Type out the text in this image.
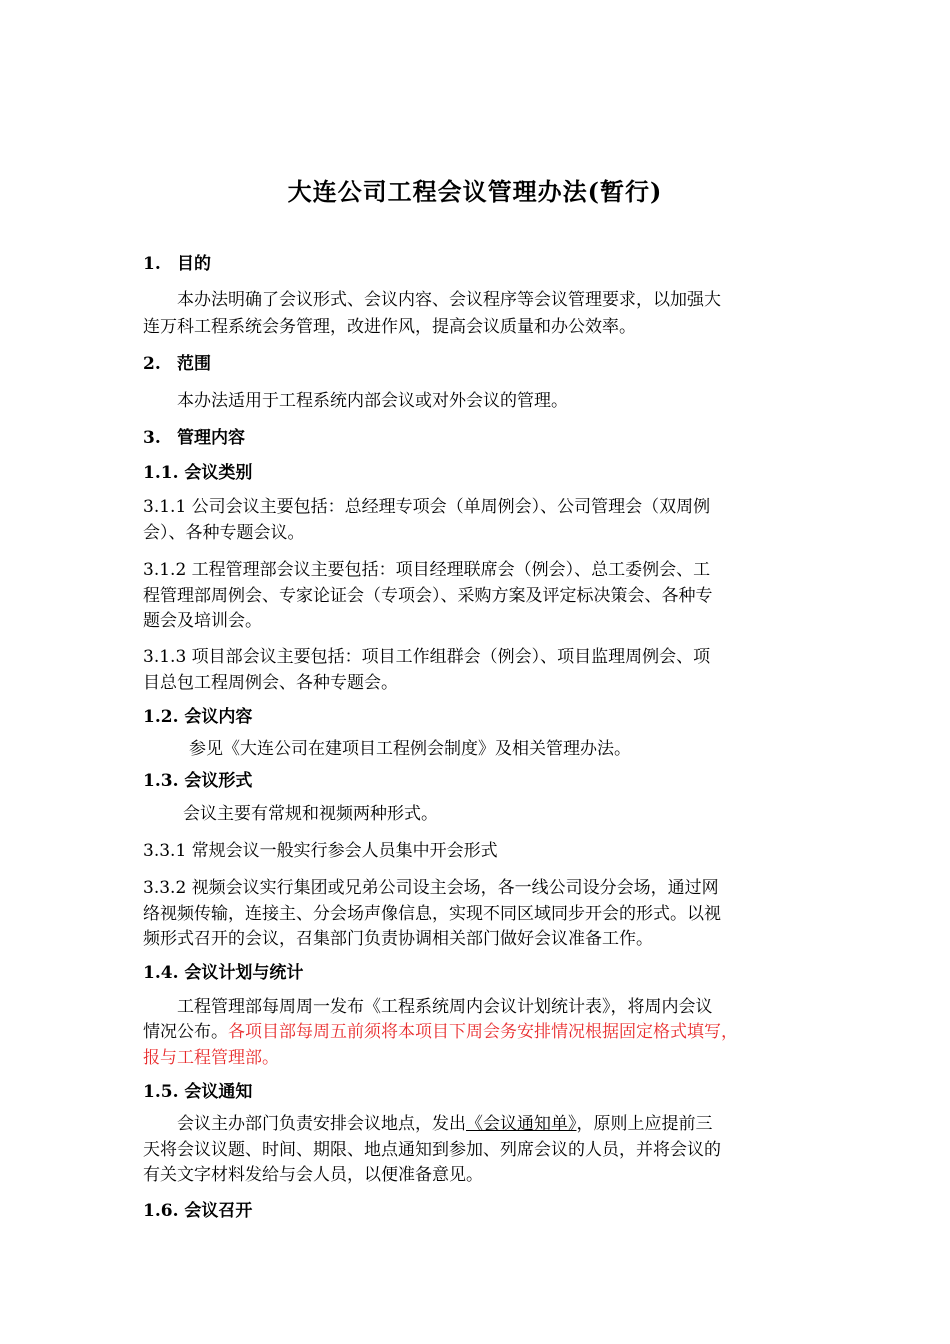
大连公司工程会议管理办法(暂行)
1. 目的
本办法明确了会议形式、会议内容、会议程序等会议管理要求，以加强大
连万科工程系统会务管理，改进作风，提高会议质量和办公效率。
2. 范围
本办法适用于工程系统内部会议或对外会议的管理。
3. 管理内容
1.1. 会议类别
3.1.1 公司会议主要包括：总经理专项会（单周例会）、公司管理会（双周例
会）、各种专题会议。
3.1.2 工程管理部会议主要包括：项目经理联席会（例会）、总工委例会、工
程管理部周例会、专家论证会（专项会）、采购方案及评定标决策会、各种专
题会及培训会。
3.1.3 项目部会议主要包括：项目工作组群会（例会）、项目监理周例会、项
目总包工程周例会、各种专题会。
1.2. 会议内容
参见《大连公司在建项目工程例会制度》及相关管理办法。
1.3. 会议形式
会议主要有常规和视频两种形式。
3.3.1 常规会议一般实行参会人员集中开会形式
3.3.2 视频会议实行集团或兄弟公司设主会场，各一线公司设分会场，通过网
络视频传输，连接主、分会场声像信息，实现不同区域同步开会的形式。以视
频形式召开的会议，召集部门负责协调相关部门做好会议准备工作。
1.4. 会议计划与统计
工程管理部每周周一发布《工程系统周内会议计划统计表》，将周内会议
情况公布。各项目部每周五前须将本项目下周会务安排情况根据固定格式填写，
报与工程管理部。
1.5. 会议通知
会议主办部门负责安排会议地点，发出《会议通知单》，原则上应提前三
天将会议议题、时间、期限、地点通知到参加、列席会议的人员，并将会议的
有关文字材料发给与会人员，以便准备意见。
1.6. 会议召开
